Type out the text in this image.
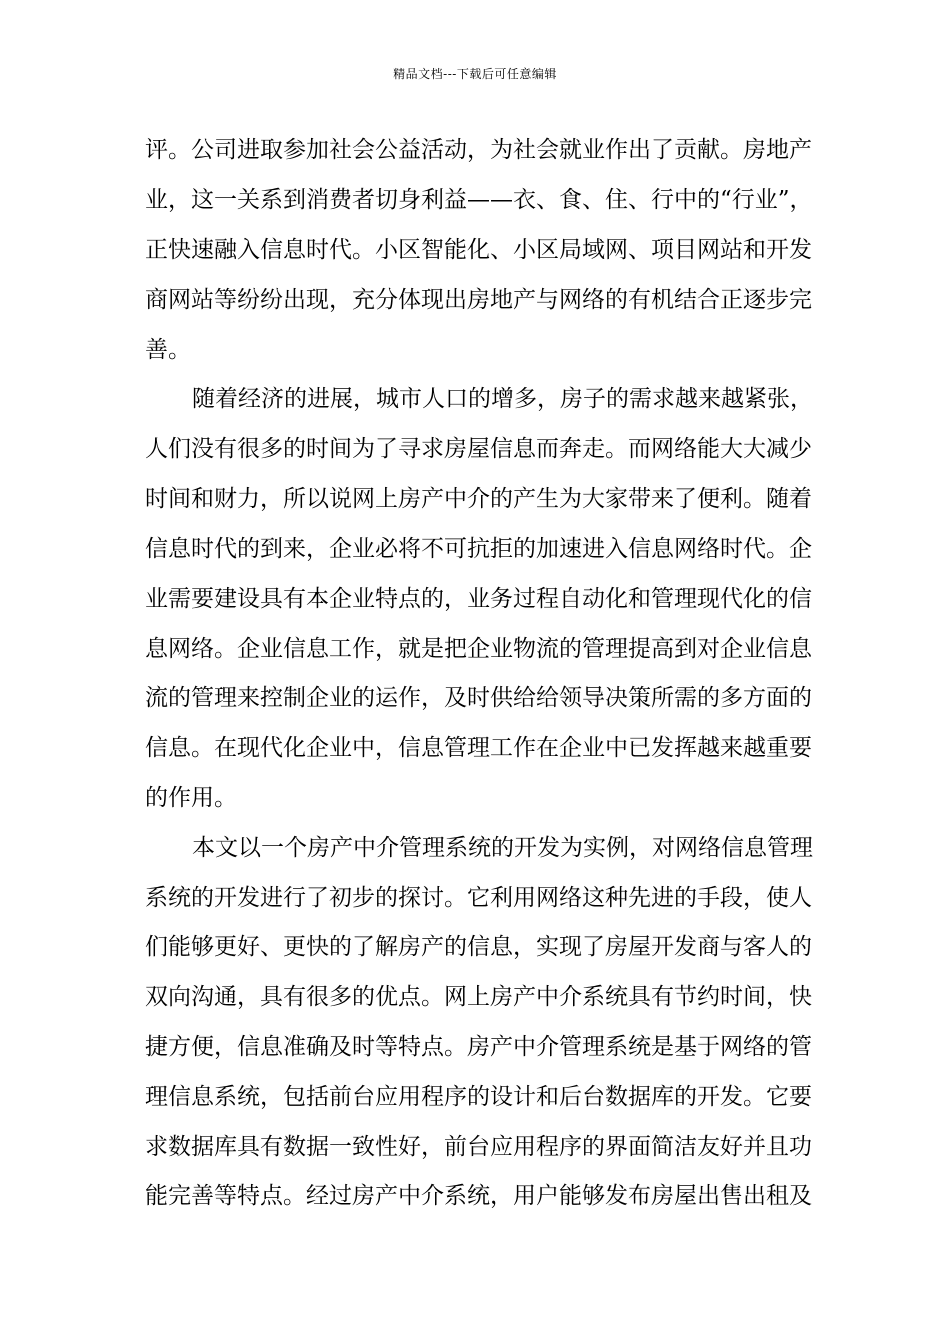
精品文档---下载后可任意编辑
评。公司进取参加社会公益活动，为社会就业作出了贡献。房地产
业，这一关系到消费者切身利益——衣、食、住、行中的“行业”，
正快速融入信息时代。小区智能化、小区局域网、项目网站和开发
商网站等纷纷出现，充分体现出房地产与网络的有机结合正逐步完
善。
随着经济的进展，城市人口的增多，房子的需求越来越紧张，
人们没有很多的时间为了寻求房屋信息而奔走。而网络能大大减少
时间和财力，所以说网上房产中介的产生为大家带来了便利。随着
信息时代的到来，企业必将不可抗拒的加速进入信息网络时代。企
业需要建设具有本企业特点的，业务过程自动化和管理现代化的信
息网络。企业信息工作，就是把企业物流的管理提高到对企业信息
流的管理来控制企业的运作，及时供给给领导决策所需的多方面的
信息。在现代化企业中，信息管理工作在企业中已发挥越来越重要
的作用。
本文以一个房产中介管理系统的开发为实例，对网络信息管理
系统的开发进行了初步的探讨。它利用网络这种先进的手段，使人
们能够更好、更快的了解房产的信息，实现了房屋开发商与客人的
双向沟通，具有很多的优点。网上房产中介系统具有节约时间，快
捷方便，信息准确及时等特点。房产中介管理系统是基于网络的管
理信息系统，包括前台应用程序的设计和后台数据库的开发。它要
求数据库具有数据一致性好，前台应用程序的界面简洁友好并且功
能完善等特点。经过房产中介系统，用户能够发布房屋出售出租及
